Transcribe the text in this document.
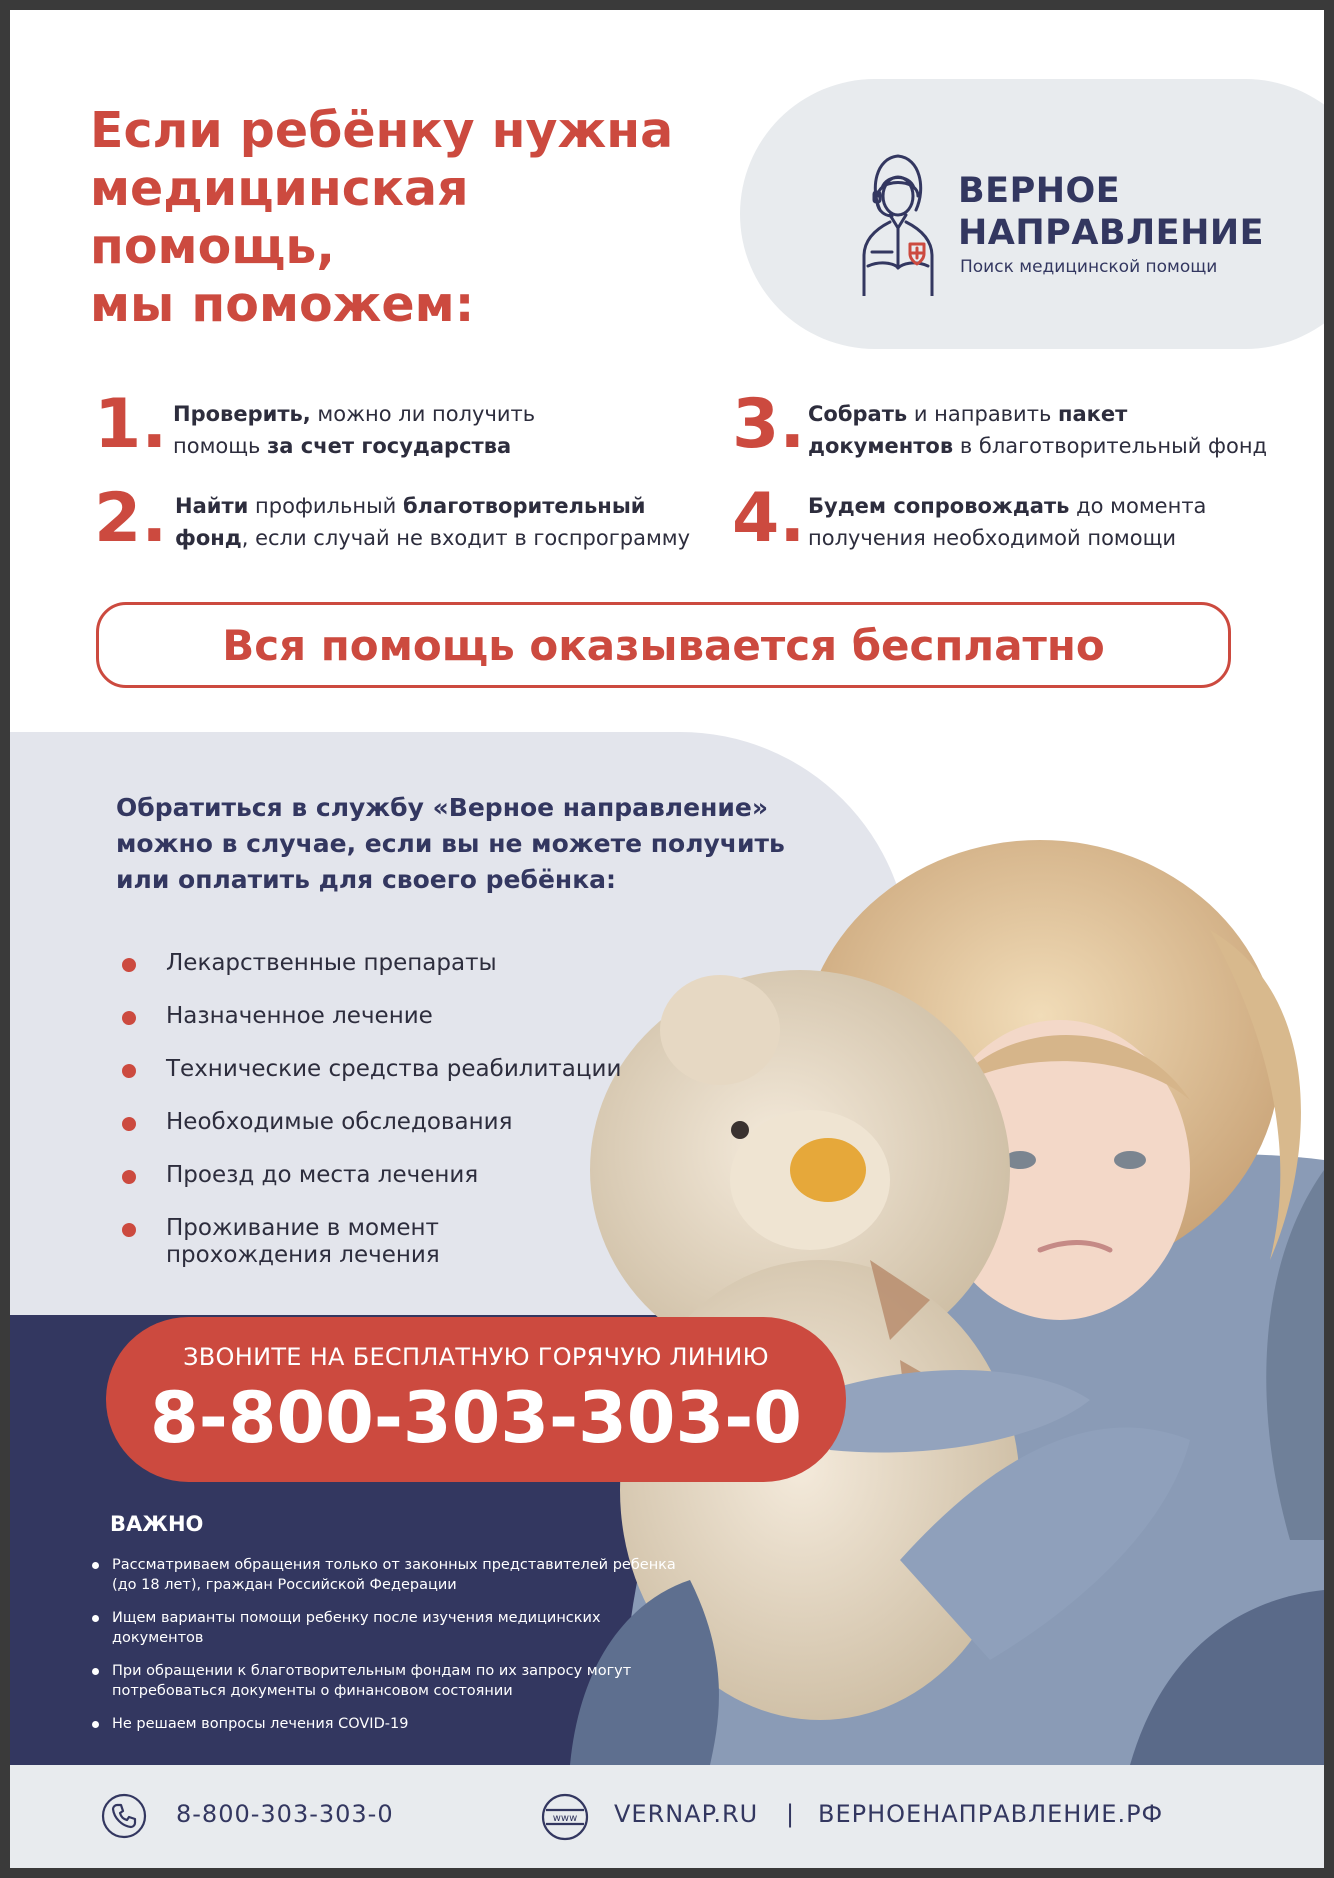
Если ребёнку нужна
медицинская
помощь,
мы поможем:
ВЕРНОЕ
НАПРАВЛЕНИЕ
Поиск медицинской помощи
1. Проверить, можно ли получить
помощь за счет государства
2. Найти профильный благотворительный
фонд, если случай не входит в госпрограмму
3. Собрать и направить пакет
документов в благотворительный фонд
4. Будем сопровождать до момента
получения необходимой помощи
Вся помощь оказывается бесплатно

Обратиться в службу «Верное направление»
можно в случае, если вы не можете получить
или оплатить для своего ребёнка:

Лекарственные препараты
Назначенное лечение
Технические средства реабилитации
Необходимые обследования
Проезд до места лечения
Проживание в момент прохождения лечения
ЗВОНИТЕ НА БЕСПЛАТНУЮ ГОРЯЧУЮ ЛИНИЮ
8-800-303-303-0
ВАЖНО
Рассматриваем обращения только от законных представителей ребенка (до 18 лет), граждан Российской Федерации
Ищем варианты помощи ребенку после изучения медицинских документов
При обращении к благотворительным фондам по их запросу могут потребоваться документы о финансовом состоянии
Не решаем вопросы лечения COVID-19
8-800-303-303-0	www VERNAP.RU | ВЕРНОЕНАПРАВЛЕНИЕ.РФ
